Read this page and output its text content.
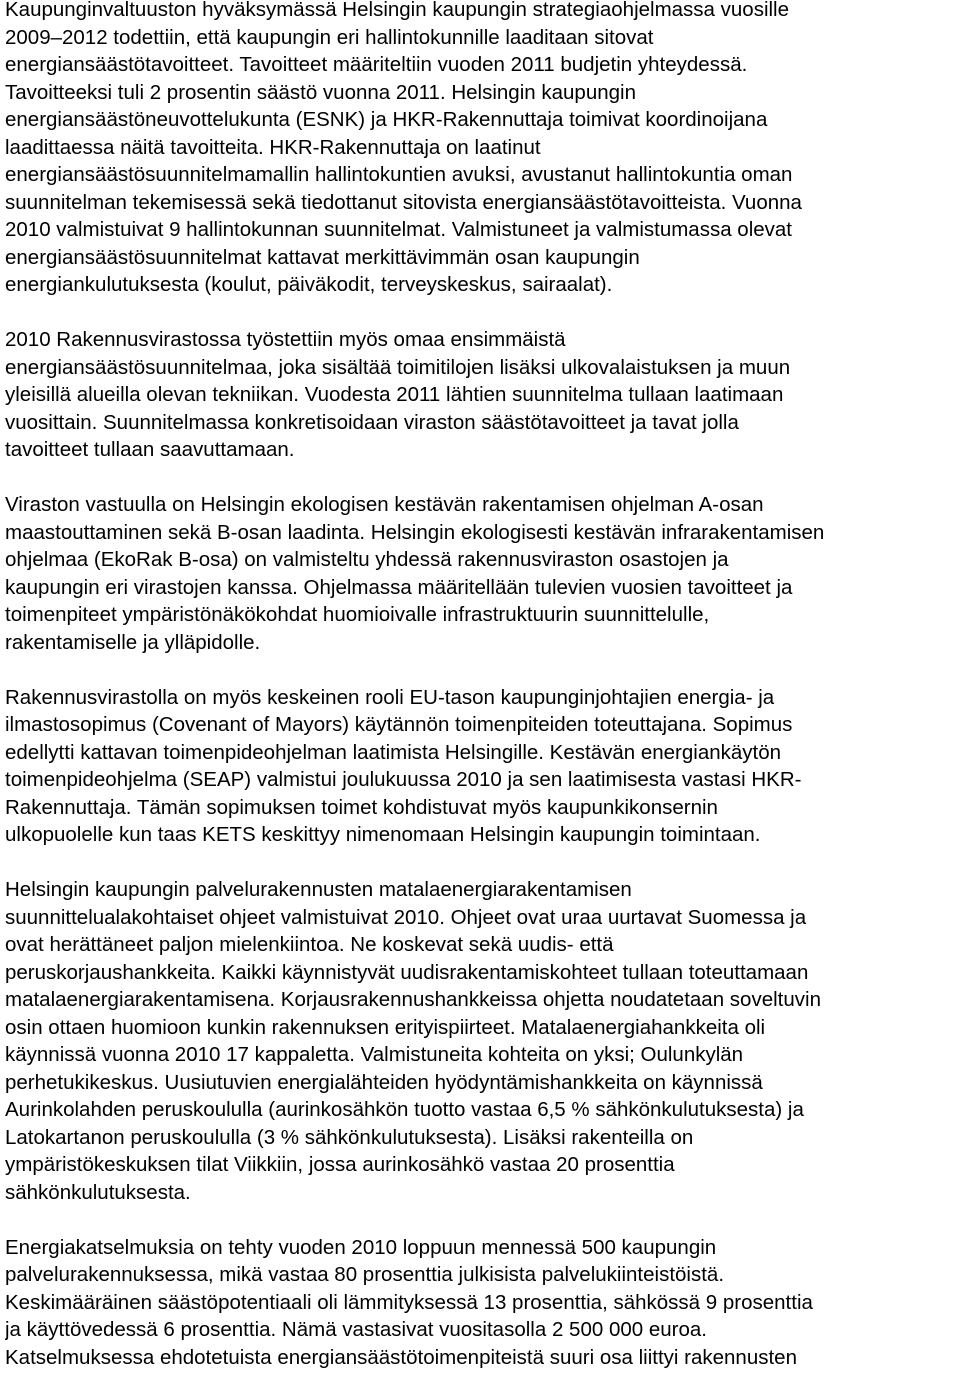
Kaupunginvaltuuston hyväksymässä Helsingin kaupungin strategiaohjelmassa vuosille
2009–2012 todettiin, että kaupungin eri hallintokunnille laaditaan sitovat
energiansäästötavoitteet. Tavoitteet määriteltiin vuoden 2011 budjetin yhteydessä.
Tavoitteeksi tuli 2 prosentin säästö vuonna 2011. Helsingin kaupungin
energiansäästöneuvottelukunta (ESNK) ja HKR-Rakennuttaja toimivat koordinoijana
laadittaessa näitä tavoitteita. HKR-Rakennuttaja on laatinut
energiansäästösuunnitelmamallin hallintokuntien avuksi, avustanut hallintokuntia oman
suunnitelman tekemisessä sekä tiedottanut sitovista energiansäästötavoitteista. Vuonna
2010 valmistuivat 9 hallintokunnan suunnitelmat. Valmistuneet ja valmistumassa olevat
energiansäästösuunnitelmat kattavat merkittävimmän osan kaupungin
energiankulutuksesta (koulut, päiväkodit, terveyskeskus, sairaalat).

2010 Rakennusvirastossa työstettiin myös omaa ensimmäistä
energiansäästösuunnitelmaa, joka sisältää toimitilojen lisäksi ulkovalaistuksen ja muun
yleisillä alueilla olevan tekniikan. Vuodesta 2011 lähtien suunnitelma tullaan laatimaan
vuosittain. Suunnitelmassa konkretisoidaan viraston säästötavoitteet ja tavat jolla
tavoitteet tullaan saavuttamaan.

Viraston vastuulla on Helsingin ekologisen kestävän rakentamisen ohjelman A-osan
maastouttaminen sekä B-osan laadinta. Helsingin ekologisesti kestävän infrarakentamisen
ohjelmaa (EkoRak B-osa) on valmisteltu yhdessä rakennusviraston osastojen ja
kaupungin eri virastojen kanssa. Ohjelmassa määritellään tulevien vuosien tavoitteet ja
toimenpiteet ympäristönäkökohdat huomioivalle infrastruktuurin suunnittelulle,
rakentamiselle ja ylläpidolle.

Rakennusvirastolla on myös keskeinen rooli EU-tason kaupunginjohtajien energia- ja
ilmastosopimus (Covenant of Mayors) käytännön toimenpiteiden toteuttajana. Sopimus
edellytti kattavan toimenpideohjelman laatimista Helsingille. Kestävän energiankäytön
toimenpideohjelma (SEAP) valmistui joulukuussa 2010 ja sen laatimisesta vastasi HKR-
Rakennuttaja. Tämän sopimuksen toimet kohdistuvat myös kaupunkikonsernin
ulkopuolelle kun taas KETS keskittyy nimenomaan Helsingin kaupungin toimintaan.

Helsingin kaupungin palvelurakennusten matalaenergiarakentamisen
suunnittelualakohtaiset ohjeet valmistuivat 2010. Ohjeet ovat uraa uurtavat Suomessa ja
ovat herättäneet paljon mielenkiintoa. Ne koskevat sekä uudis- että
peruskorjaushankkeita. Kaikki käynnistyvät uudisrakentamiskohteet tullaan toteuttamaan
matalaenergiarakentamisena. Korjausrakennushankkeissa ohjetta noudatetaan soveltuvin
osin ottaen huomioon kunkin rakennuksen erityispiirteet. Matalaenergiahankkeita oli
käynnissä vuonna 2010 17 kappaletta. Valmistuneita kohteita on yksi; Oulunkylän
perhetukikeskus. Uusiutuvien energialähteiden hyödyntämishankkeita on käynnissä
Aurinkolahden peruskoululla (aurinkosähkön tuotto vastaa 6,5 % sähkönkulutuksesta) ja
Latokartanon peruskoululla (3 % sähkönkulutuksesta). Lisäksi rakenteilla on
ympäristökeskuksen tilat Viikkiin, jossa aurinkosähkö vastaa 20 prosenttia
sähkönkulutuksesta.

Energiakatselmuksia on tehty vuoden 2010 loppuun mennessä 500 kaupungin
palvelurakennuksessa, mikä vastaa 80 prosenttia julkisista palvelukiinteistöistä.
Keskimääräinen säästöpotentiaali oli lämmityksessä 13 prosenttia, sähkössä 9 prosenttia
ja käyttövedessä 6 prosenttia. Nämä vastasivat vuositasolla 2 500 000 euroa.
Katselmuksessa ehdotetuista energiansäästötoimenpiteistä suuri osa liittyi rakennusten
